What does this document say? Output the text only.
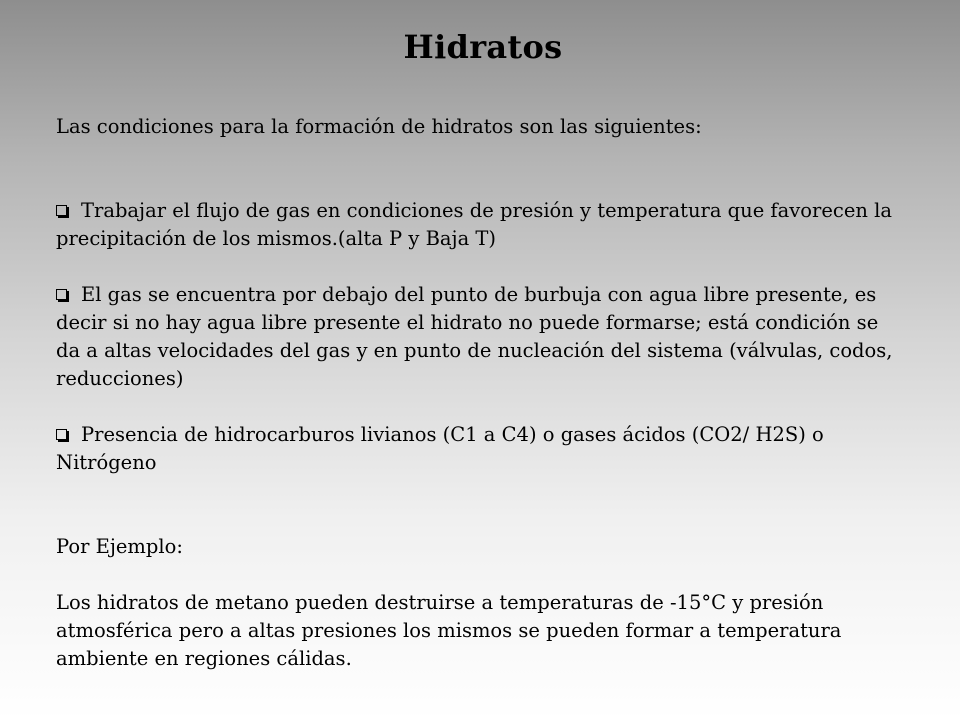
Hidratos

Las condiciones para la formación de hidratos son las siguientes:

Trabajar el flujo de gas en condiciones de presión y temperatura que favorecen la precipitación de los mismos.(alta P y Baja T)

El gas se encuentra por debajo del punto de burbuja con agua libre presente, es decir si no hay agua libre presente el hidrato no puede formarse; está condición se da a altas velocidades del gas y en punto de nucleación del sistema (válvulas, codos, reducciones)

Presencia de hidrocarburos livianos (C1 a C4) o gases ácidos (CO2/ H2S) o Nitrógeno

Por Ejemplo:

Los hidratos de metano pueden destruirse a temperaturas de -15°C y presión atmosférica pero a altas presiones los mismos se pueden formar a temperatura ambiente en regiones cálidas.
